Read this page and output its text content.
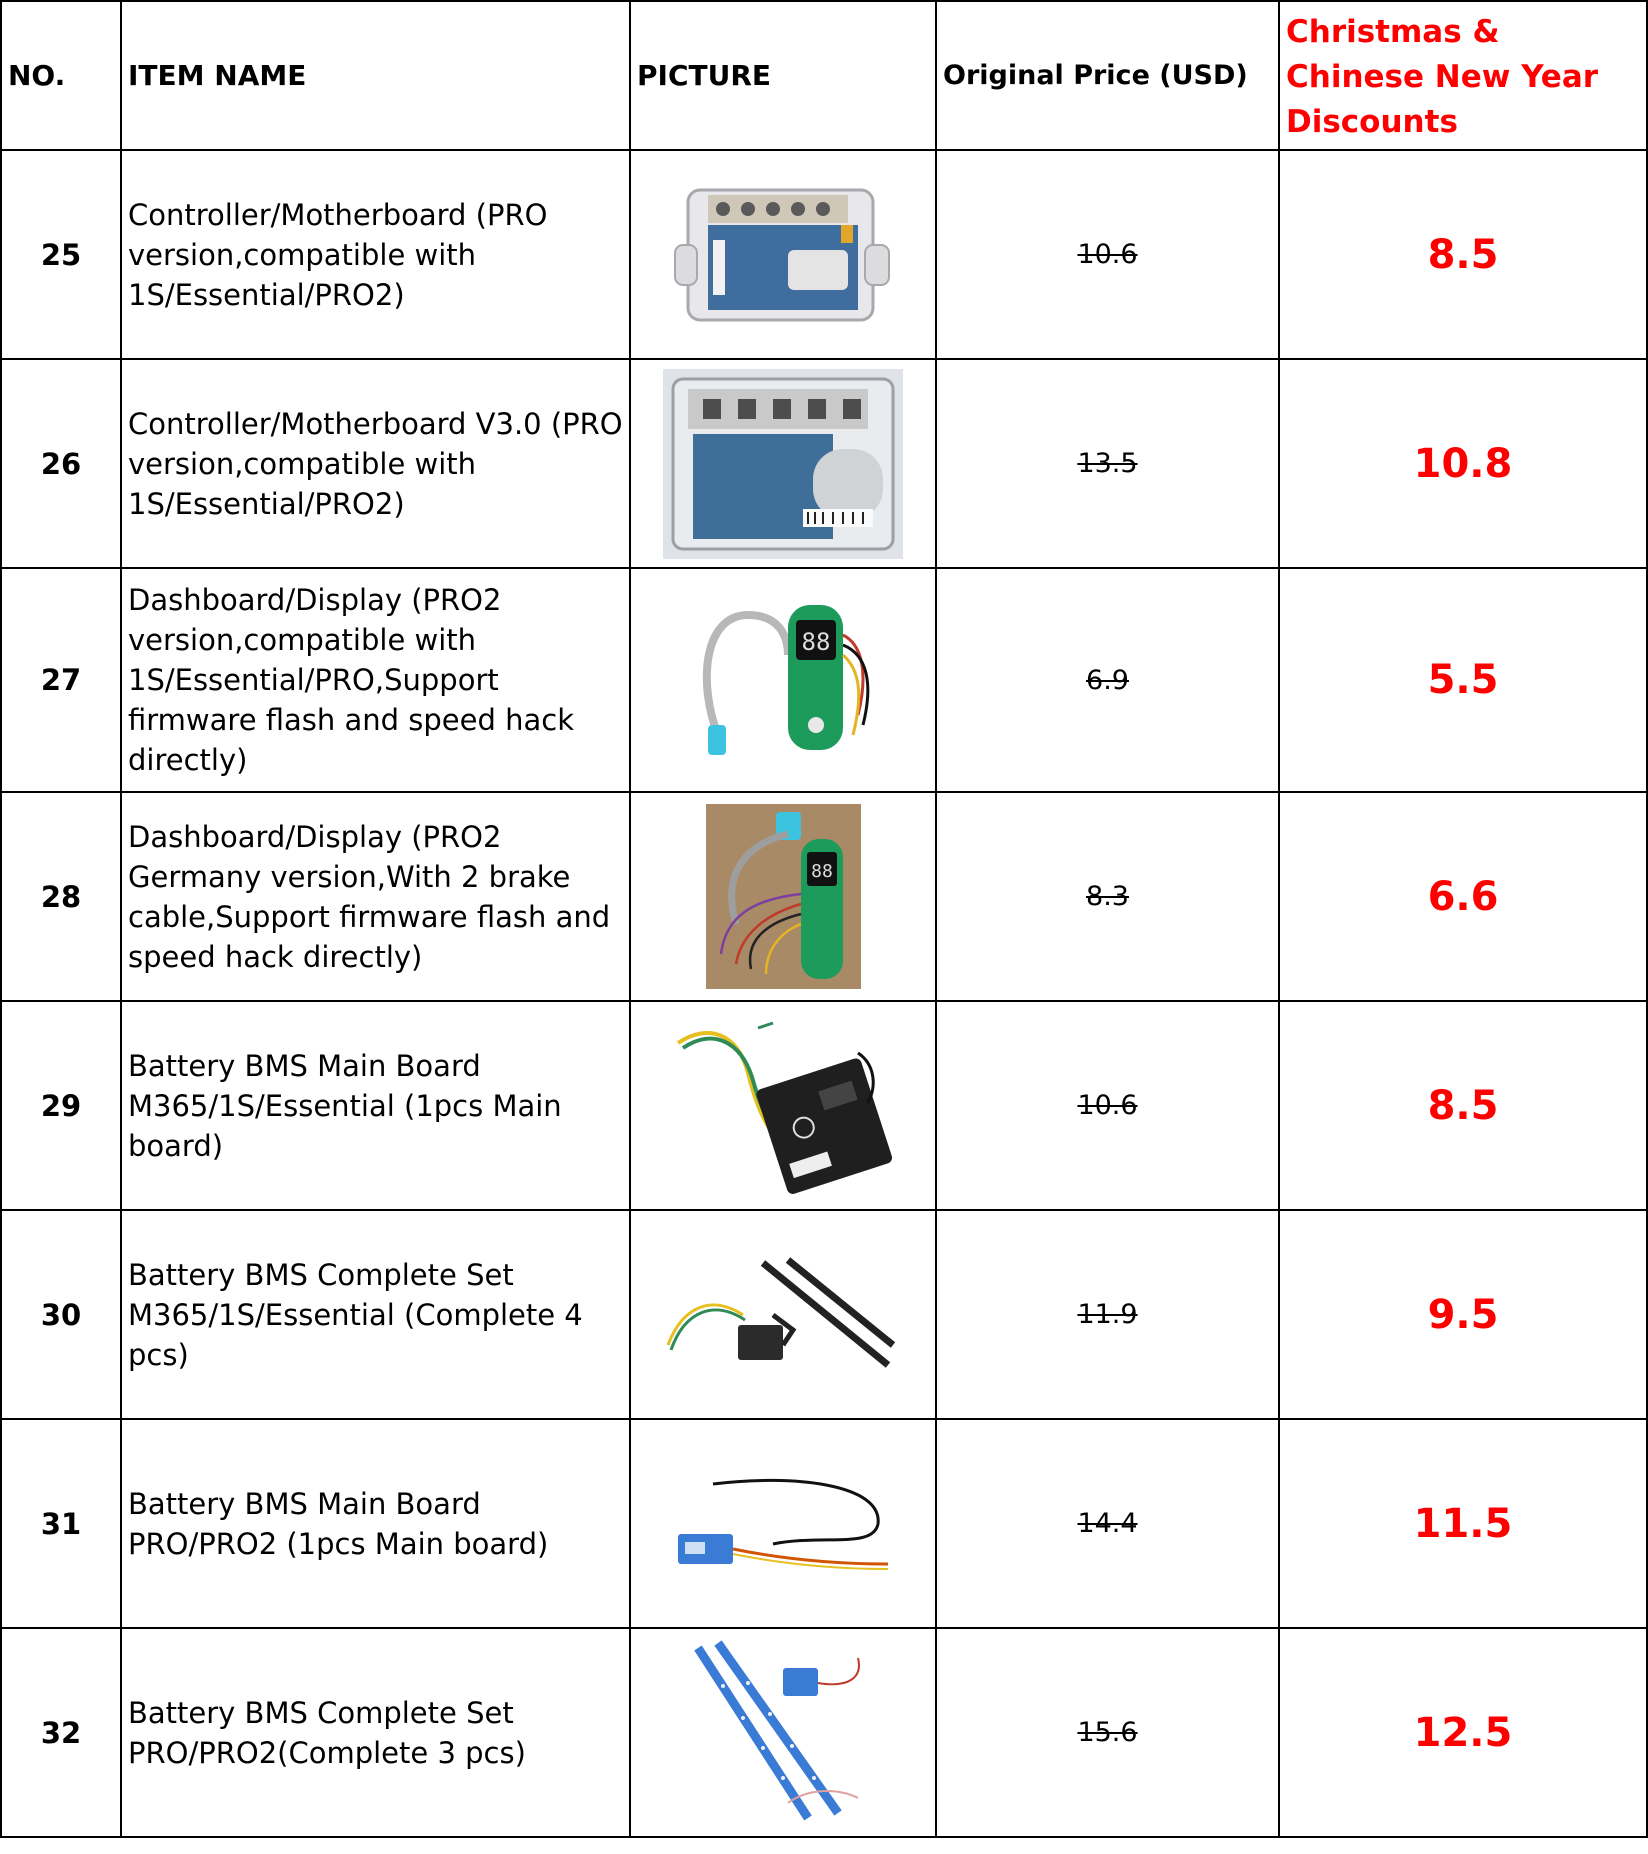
NO.	ITEM NAME	PICTURE	Original Price (USD)	Christmas & Chinese New Year Discounts
25	Controller/Motherboard (PRO version,compatible with 1S/Essential/PRO2)		10.6	8.5
26	Controller/Motherboard V3.0 (PRO version,compatible with 1S/Essential/PRO2)		13.5	10.8
27	Dashboard/Display (PRO2 version,compatible with 1S/Essential/PRO,Support firmware flash and speed hack directly)	88	6.9	5.5
28	Dashboard/Display (PRO2 Germany version,With 2 brake cable,Support firmware flash and speed hack directly)	88	8.3	6.6
29	Battery BMS Main Board M365/1S/Essential (1pcs Main board)		10.6	8.5
30	Battery BMS Complete Set M365/1S/Essential (Complete 4 pcs)		11.9	9.5
31	Battery BMS Main Board PRO/PRO2 (1pcs Main board)		14.4	11.5
32	Battery BMS Complete Set PRO/PRO2(Complete 3 pcs)		15.6	12.5
